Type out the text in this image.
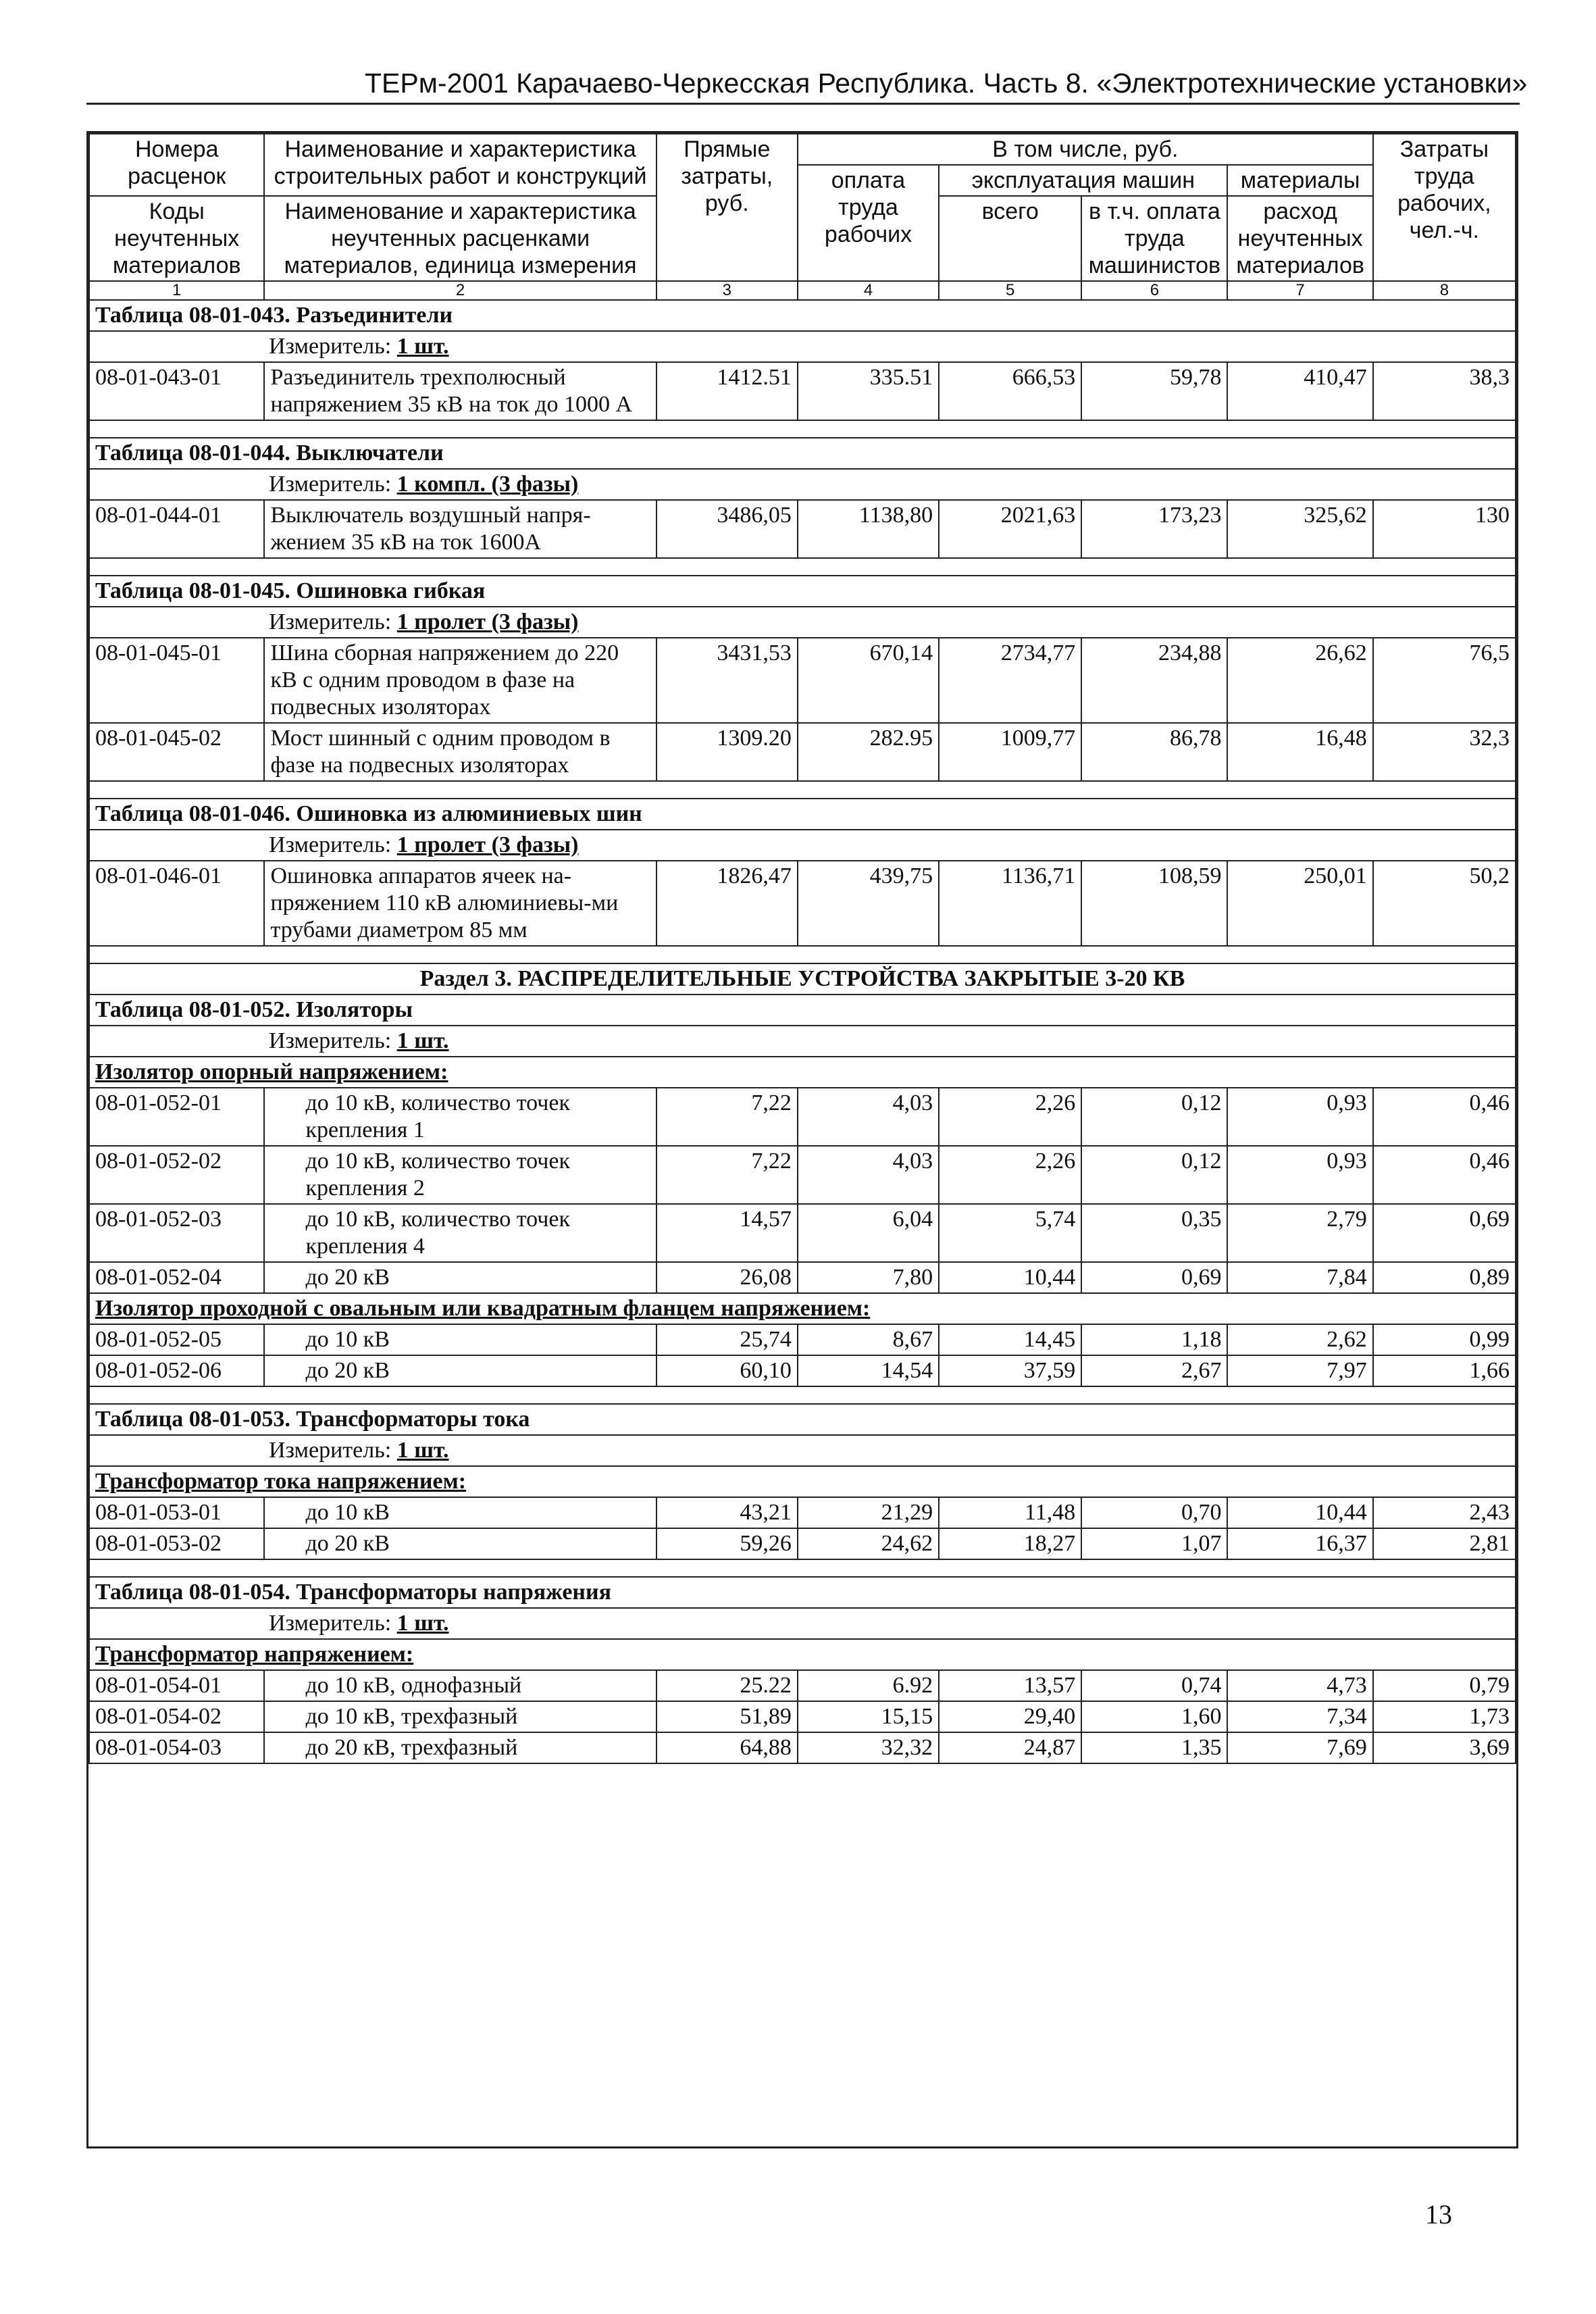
ТЕРм-2001 Карачаево-Черкесская Республика. Часть 8. «Электротехнические установки»
Номера расценок	Наименование и характеристика строительных работ и конструкций	Прямые затраты, руб.	В том числе, руб.				Затраты труда рабочих, чел.-ч.
			оплата труда рабочих	эксплуатация машин		материалы	
Коды неучтенных материалов	Наименование и характеристика неучтенных расценками материалов, единица измерения			всего	в т.ч. оплата труда машинистов	расход неучтенных материалов	

1	2	3	4	5	6	7	8
Таблица 08-01-043. Разъединители							
Измеритель: 1 шт.							
08-01-043-01	Разъединитель трехполюсный напряжением 35 кВ на ток до 1000 А	1412.51	335.51	666,53	59,78	410,47	38,3

Таблица 08-01-044. Выключатели							
Измеритель: 1 компл. (3 фазы)							
08-01-044-01	Выключатель воздушный напря-жением 35 кВ на ток 1600А	3486,05	1138,80	2021,63	173,23	325,62	130

Таблица 08-01-045. Ошиновка гибкая							
Измеритель: 1 пролет (3 фазы)							
08-01-045-01	Шина сборная напряжением до 220 кВ с одним проводом в фазе на подвесных изоляторах	3431,53	670,14	2734,77	234,88	26,62	76,5
08-01-045-02	Мост шинный с одним проводом в фазе на подвесных изоляторах	1309.20	282.95	1009,77	86,78	16,48	32,3

Таблица 08-01-046. Ошиновка из алюминиевых шин							
Измеритель: 1 пролет (3 фазы)							
08-01-046-01	Ошиновка аппаратов ячеек на-пряжением 110 кВ алюминиевы-ми трубами диаметром 85 мм	1826,47	439,75	1136,71	108,59	250,01	50,2

Раздел 3. РАСПРЕДЕЛИТЕЛЬНЫЕ УСТРОЙСТВА ЗАКРЫТЫЕ 3-20 КВ							
Таблица 08-01-052. Изоляторы							
Измеритель: 1 шт.							
Изолятор опорный напряжением:							
08-01-052-01	до 10 кВ, количество точек крепления 1	7,22	4,03	2,26	0,12	0,93	0,46
08-01-052-02	до 10 кВ, количество точек крепления 2	7,22	4,03	2,26	0,12	0,93	0,46
08-01-052-03	до 10 кВ, количество точек крепления 4	14,57	6,04	5,74	0,35	2,79	0,69
08-01-052-04	до 20 кВ	26,08	7,80	10,44	0,69	7,84	0,89
Изолятор проходной с овальным или квадратным фланцем напряжением:							
08-01-052-05	до 10 кВ	25,74	8,67	14,45	1,18	2,62	0,99
08-01-052-06	до 20 кВ	60,10	14,54	37,59	2,67	7,97	1,66

Таблица 08-01-053. Трансформаторы тока							
Измеритель: 1 шт.							
Трансформатор тока напряжением:							
08-01-053-01	до 10 кВ	43,21	21,29	11,48	0,70	10,44	2,43
08-01-053-02	до 20 кВ	59,26	24,62	18,27	1,07	16,37	2,81

Таблица 08-01-054. Трансформаторы напряжения							
Измеритель: 1 шт.							
Трансформатор напряжением:							
08-01-054-01	до 10 кВ, однофазный	25.22	6.92	13,57	0,74	4,73	0,79
08-01-054-02	до 10 кВ, трехфазный	51,89	15,15	29,40	1,60	7,34	1,73
08-01-054-03	до 20 кВ, трехфазный	64,88	32,32	24,87	1,35	7,69	3,69
13
